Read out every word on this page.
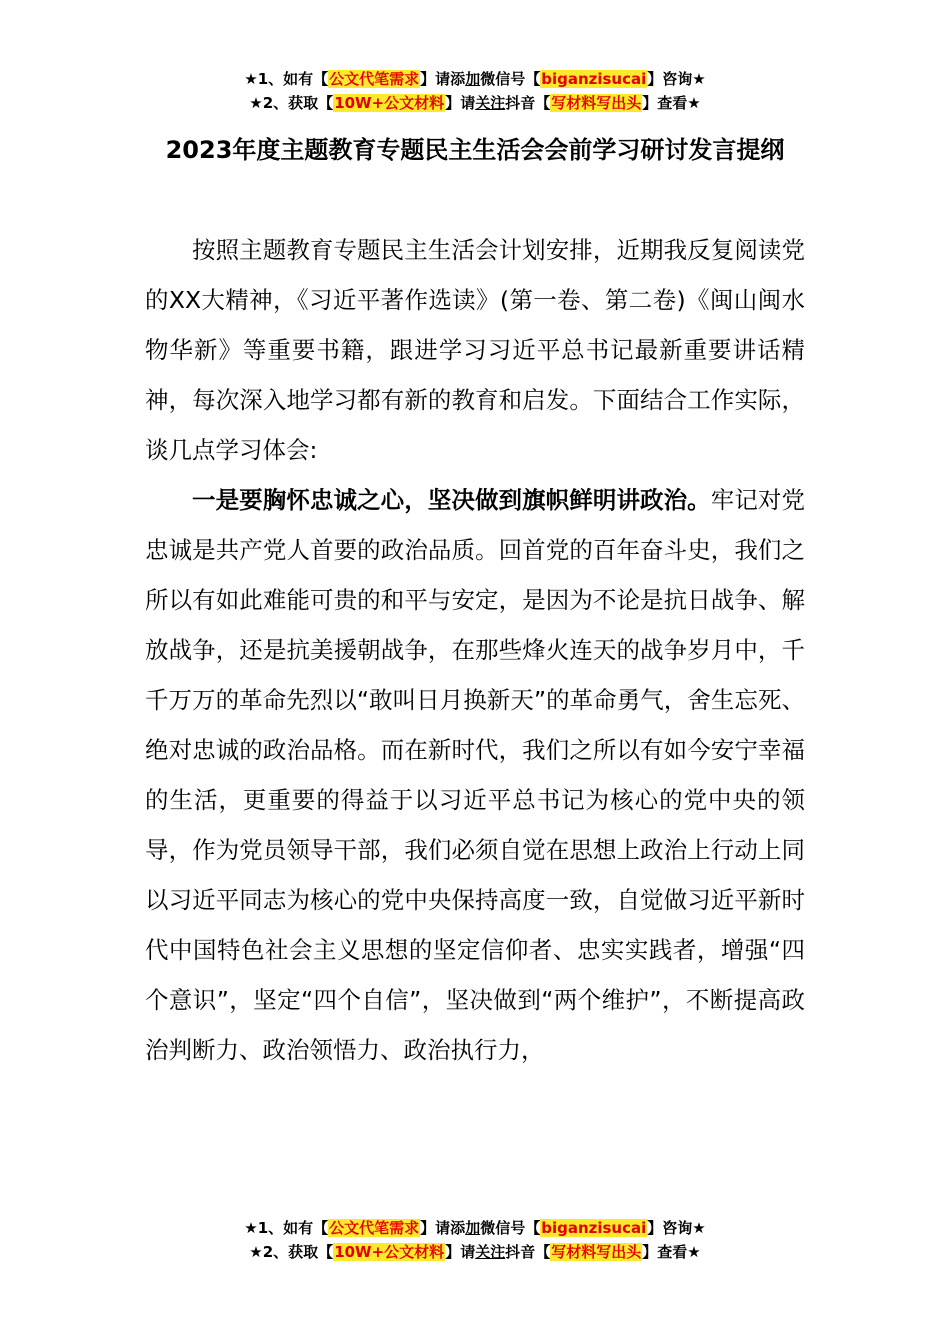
★1、如有【公文代笔需求】请添加微信号【biganzisucai】咨询★
★2、获取【10W+公文材料】请关注抖音【写材料写出头】查看★
2023年度主题教育专题民主生活会会前学习研讨发言提纲

按照主题教育专题民主生活会计划安排，近期我反复阅读党的XX大精神，《习近平著作选读》(第一卷、第二卷)《闽山闽水物华新》等重要书籍，跟进学习习近平总书记最新重要讲话精神，每次深入地学习都有新的教育和启发。下面结合工作实际，谈几点学习体会:

一是要胸怀忠诚之心，坚决做到旗帜鲜明讲政治。牢记对党忠诚是共产党人首要的政治品质。回首党的百年奋斗史，我们之所以有如此难能可贵的和平与安定，是因为不论是抗日战争、解放战争，还是抗美援朝战争，在那些烽火连天的战争岁月中，千千万万的革命先烈以“敢叫日月换新天”的革命勇气，舍生忘死、绝对忠诚的政治品格。而在新时代，我们之所以有如今安宁幸福的生活，更重要的得益于以习近平总书记为核心的党中央的领导，作为党员领导干部，我们必须自觉在思想上政治上行动上同以习近平同志为核心的党中央保持高度一致，自觉做习近平新时代中国特色社会主义思想的坚定信仰者、忠实实践者，增强“四个意识”，坚定“四个自信”，坚决做到“两个维护”，不断提高政治判断力、政治领悟力、政治执行力，

★1、如有【公文代笔需求】请添加微信号【biganzisucai】咨询★
★2、获取【10W+公文材料】请关注抖音【写材料写出头】查看★
